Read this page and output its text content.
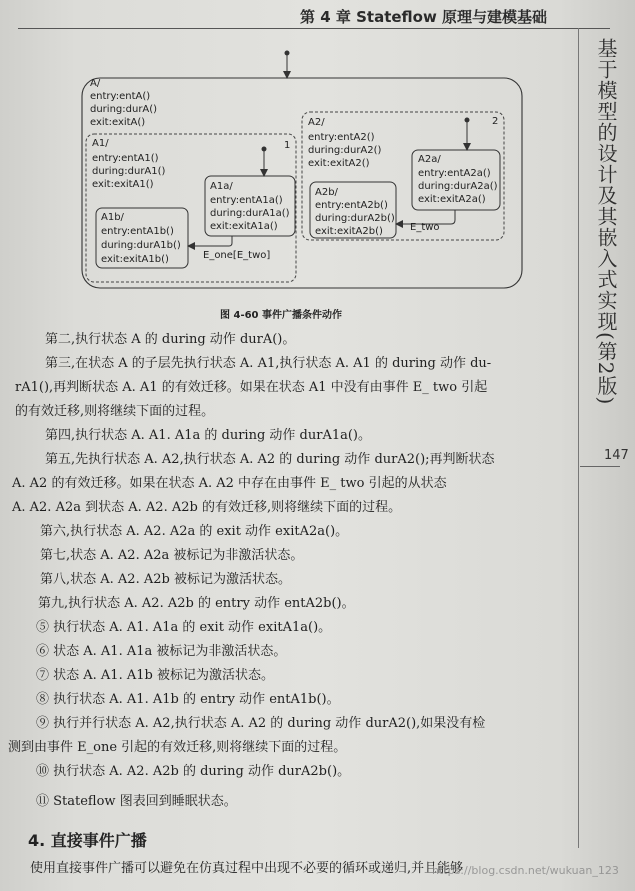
第 4 章 Stateflow 原理与建模基础
基于模型的设计及其嵌入式实现(第2版)
147
A/
entry:entA()
during:durA()
exit:exitA()
A1/
entry:entA1()
during:durA1()
exit:exitA1()
1
A1a/
entry:entA1a()
during:durA1a()
exit:exitA1a()
A1b/
entry:entA1b()
during:durA1b()
exit:exitA1b()	E_one[E_two]
A2/
entry:entA2()
during:durA2()
exit:exitA2()
2
A2a/
entry:entA2a()
during:durA2a()
exit:exitA2a()
A2b/
entry:entA2b()
during:durA2b()
exit:exitA2b()	E_two
图 4-60 事件广播条件动作
第二,执行状态 A 的 during 动作 durA()。
第三,在状态 A 的子层先执行状态 A. A1,执行状态 A. A1 的 during 动作 du-
rA1(),再判断状态 A. A1 的有效迁移。如果在状态 A1 中没有由事件 E_ two 引起
的有效迁移,则将继续下面的过程。
第四,执行状态 A. A1. A1a 的 during 动作 durA1a()。
第五,先执行状态 A. A2,执行状态 A. A2 的 during 动作 durA2();再判断状态
A. A2 的有效迁移。如果在状态 A. A2 中存在由事件 E_ two 引起的从状态
A. A2. A2a 到状态 A. A2. A2b 的有效迁移,则将继续下面的过程。
第六,执行状态 A. A2. A2a 的 exit 动作 exitA2a()。
第七,状态 A. A2. A2a 被标记为非激活状态。
第八,状态 A. A2. A2b 被标记为激活状态。
第九,执行状态 A. A2. A2b 的 entry 动作 entA2b()。
⑤ 执行状态 A. A1. A1a 的 exit 动作 exitA1a()。
⑥ 状态 A. A1. A1a 被标记为非激活状态。
⑦ 状态 A. A1. A1b 被标记为激活状态。
⑧ 执行状态 A. A1. A1b 的 entry 动作 entA1b()。
⑨ 执行并行状态 A. A2,执行状态 A. A2 的 during 动作 durA2(),如果没有检
测到由事件 E_one 引起的有效迁移,则将继续下面的过程。
⑩ 执行状态 A. A2. A2b 的 during 动作 durA2b()。
⑪ Stateflow 图表回到睡眠状态。
4. 直接事件广播
使用直接事件广播可以避免在仿真过程中出现不必要的循环或递归,并且能够
https://blog.csdn.net/wukuan_123
